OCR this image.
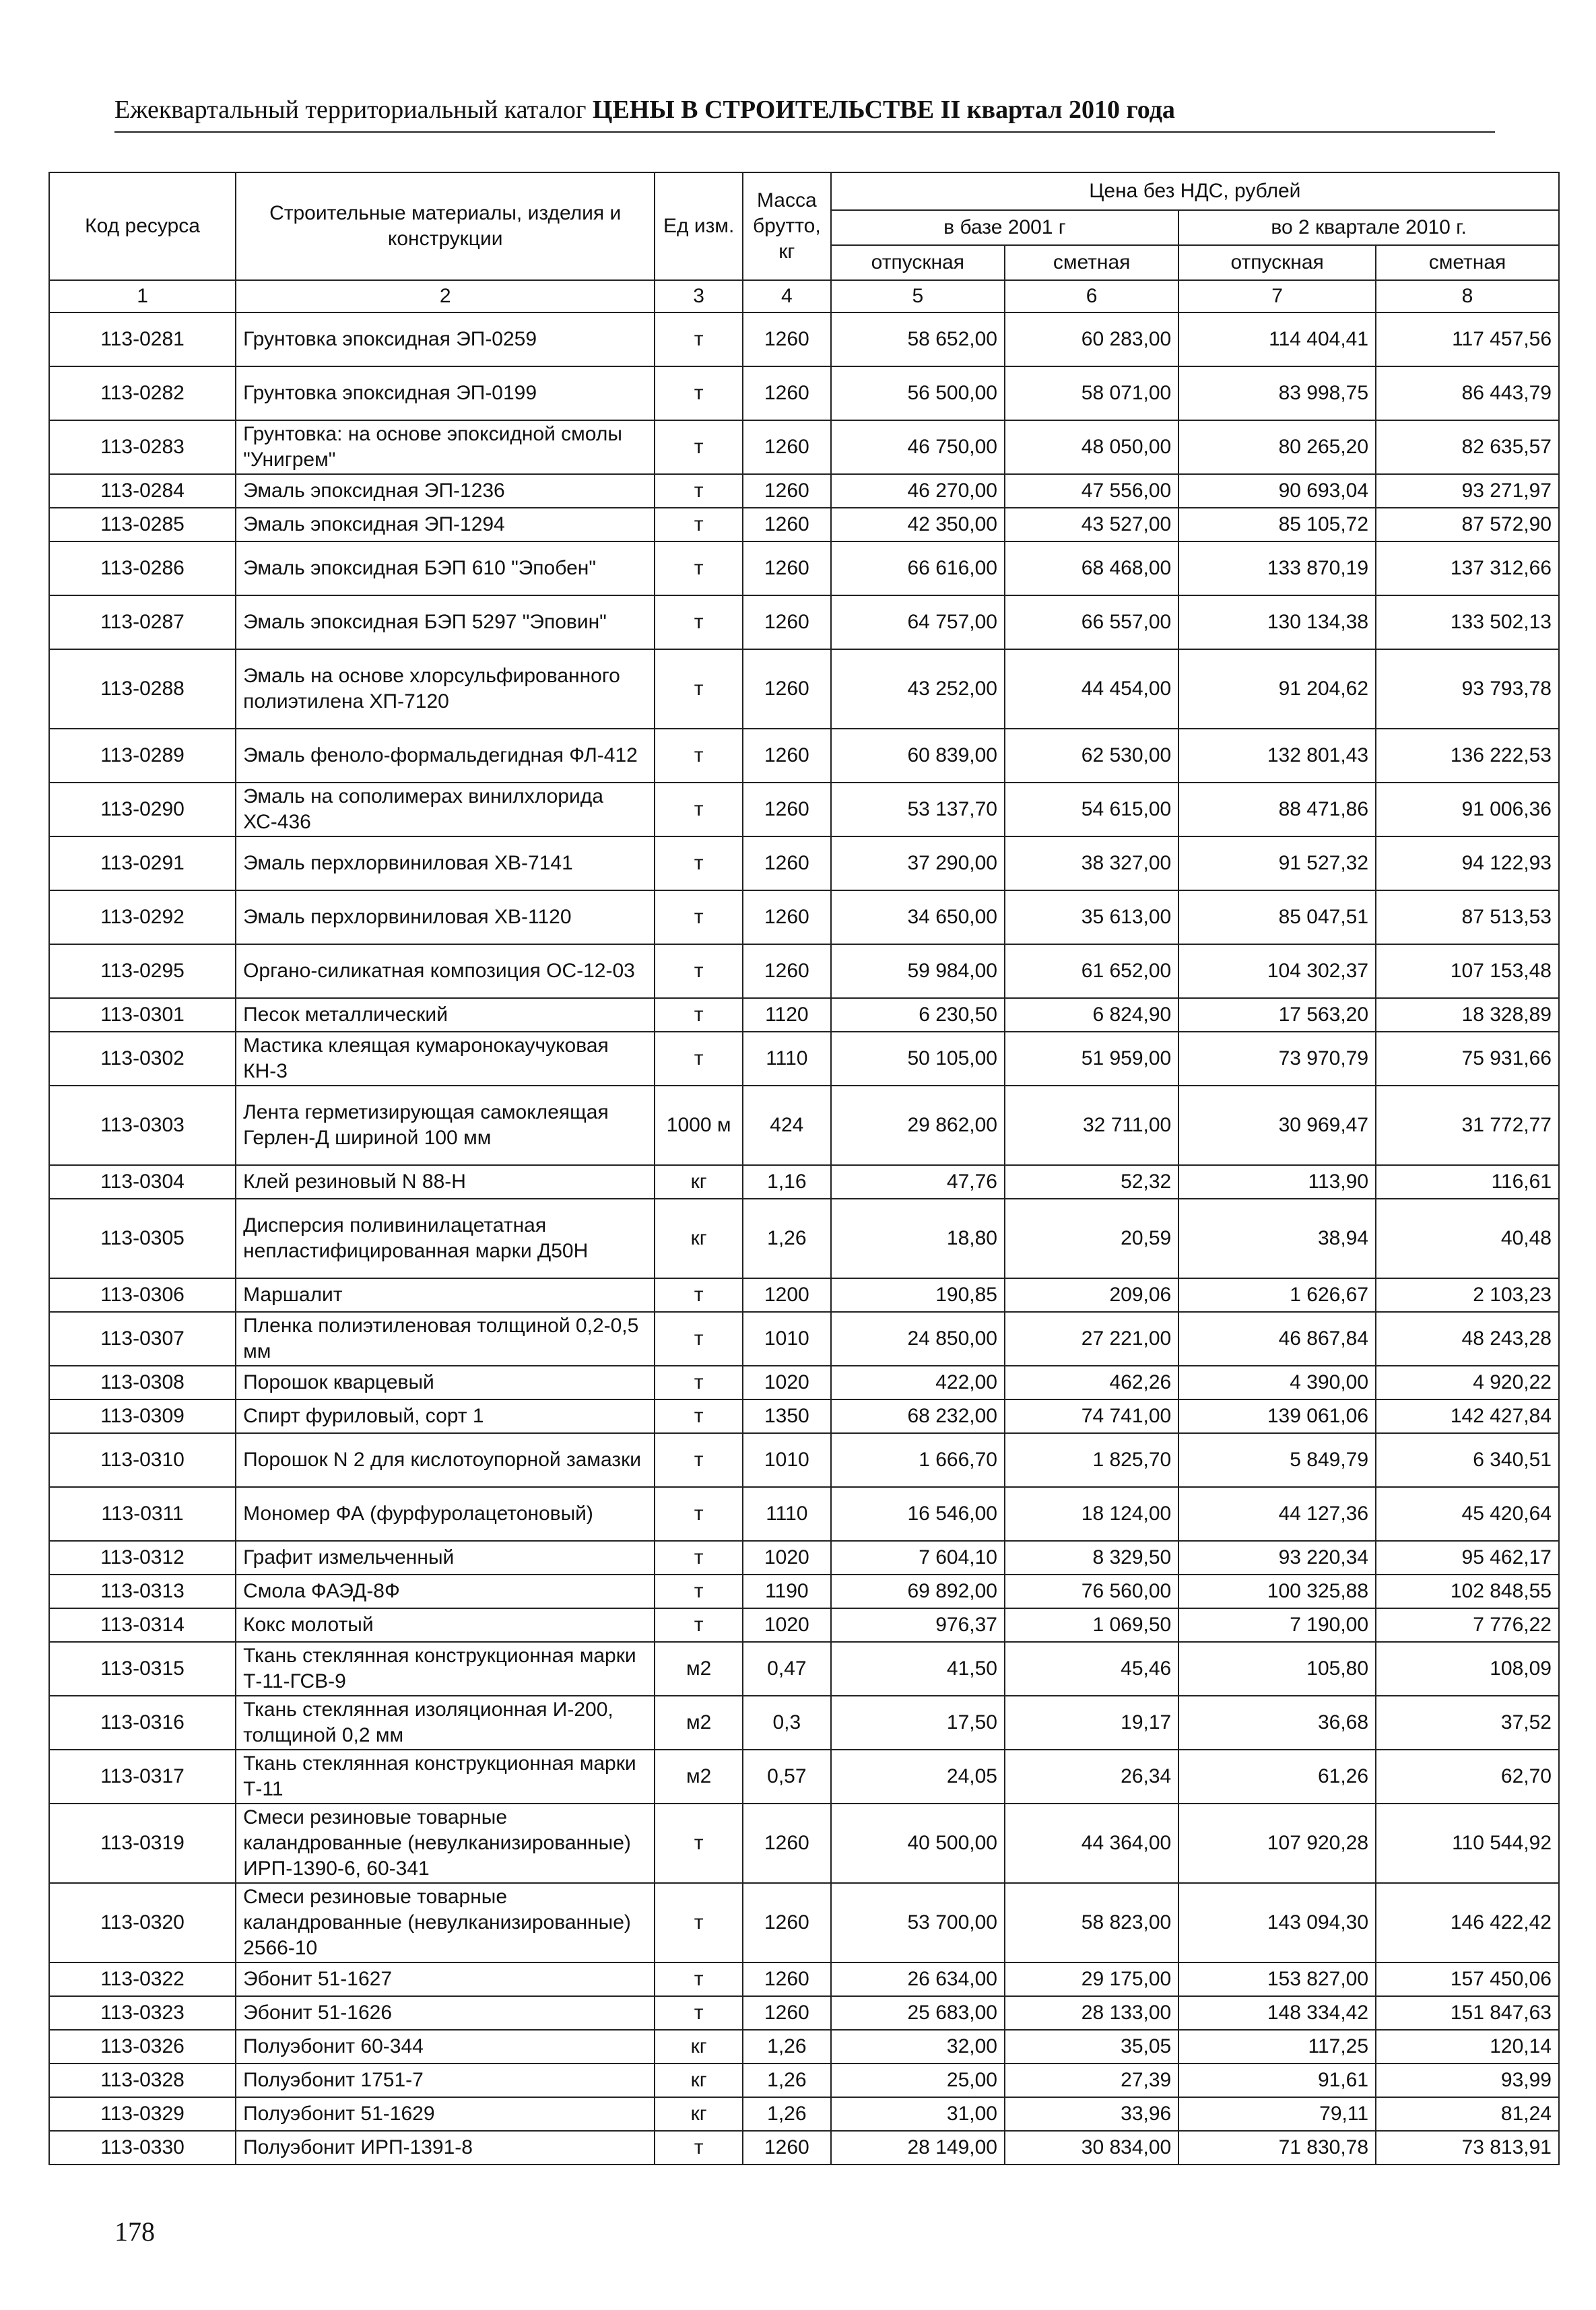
Ежеквартальный территориальный каталог ЦЕНЫ В СТРОИТЕЛЬСТВЕ II квартал 2010 года
Код ресурса	Строительные материалы, изделия и конструкции	Ед изм.	Масса брутто, кг	Цена без НДС, рублей			
				в базе 2001 г		во 2 квартале 2010 г.	
				отпускная	сметная	отпускная	сметная
1	2	3	4	5	6	7	8
113-0281	Грунтовка эпоксидная ЭП-0259	т	1260	58 652,00	60 283,00	114 404,41	117 457,56
113-0282	Грунтовка эпоксидная ЭП-0199	т	1260	56 500,00	58 071,00	83 998,75	86 443,79
113-0283	Грунтовка: на основе эпоксидной смолы "Унигрем"	т	1260	46 750,00	48 050,00	80 265,20	82 635,57
113-0284	Эмаль эпоксидная ЭП-1236	т	1260	46 270,00	47 556,00	90 693,04	93 271,97
113-0285	Эмаль эпоксидная ЭП-1294	т	1260	42 350,00	43 527,00	85 105,72	87 572,90
113-0286	Эмаль эпоксидная БЭП 610 "Эпобен"	т	1260	66 616,00	68 468,00	133 870,19	137 312,66
113-0287	Эмаль эпоксидная БЭП 5297 "Эповин"	т	1260	64 757,00	66 557,00	130 134,38	133 502,13
113-0288	Эмаль на основе хлорсульфированного полиэтилена ХП-7120	т	1260	43 252,00	44 454,00	91 204,62	93 793,78
113-0289	Эмаль феноло-формальдегидная ФЛ-412	т	1260	60 839,00	62 530,00	132 801,43	136 222,53
113-0290	Эмаль на сополимерах винилхлорида ХС-436	т	1260	53 137,70	54 615,00	88 471,86	91 006,36
113-0291	Эмаль перхлорвиниловая ХВ-7141	т	1260	37 290,00	38 327,00	91 527,32	94 122,93
113-0292	Эмаль перхлорвиниловая ХВ-1120	т	1260	34 650,00	35 613,00	85 047,51	87 513,53
113-0295	Органо-силикатная композиция ОС-12-03	т	1260	59 984,00	61 652,00	104 302,37	107 153,48
113-0301	Песок металлический	т	1120	6 230,50	6 824,90	17 563,20	18 328,89
113-0302	Мастика клеящая кумаронокаучуковая КН-3	т	1110	50 105,00	51 959,00	73 970,79	75 931,66
113-0303	Лента герметизирующая самоклеящая Герлен-Д шириной 100 мм	1000 м	424	29 862,00	32 711,00	30 969,47	31 772,77
113-0304	Клей резиновый N 88-Н	кг	1,16	47,76	52,32	113,90	116,61
113-0305	Дисперсия поливинилацетатная непластифицированная марки Д50Н	кг	1,26	18,80	20,59	38,94	40,48
113-0306	Маршалит	т	1200	190,85	209,06	1 626,67	2 103,23
113-0307	Пленка полиэтиленовая толщиной 0,2-0,5 мм	т	1010	24 850,00	27 221,00	46 867,84	48 243,28
113-0308	Порошок кварцевый	т	1020	422,00	462,26	4 390,00	4 920,22
113-0309	Спирт фуриловый, сорт 1	т	1350	68 232,00	74 741,00	139 061,06	142 427,84
113-0310	Порошок N 2 для кислотоупорной замазки	т	1010	1 666,70	1 825,70	5 849,79	6 340,51
113-0311	Мономер ФА (фурфуролацетоновый)	т	1110	16 546,00	18 124,00	44 127,36	45 420,64
113-0312	Графит измельченный	т	1020	7 604,10	8 329,50	93 220,34	95 462,17
113-0313	Смола ФАЭД-8Ф	т	1190	69 892,00	76 560,00	100 325,88	102 848,55
113-0314	Кокс молотый	т	1020	976,37	1 069,50	7 190,00	7 776,22
113-0315	Ткань стеклянная конструкционная марки Т-11-ГСВ-9	м2	0,47	41,50	45,46	105,80	108,09
113-0316	Ткань стеклянная изоляционная И-200, толщиной 0,2 мм	м2	0,3	17,50	19,17	36,68	37,52
113-0317	Ткань стеклянная конструкционная марки Т-11	м2	0,57	24,05	26,34	61,26	62,70
113-0319	Смеси резиновые товарные каландрованные (невулканизированные) ИРП-1390-6, 60-341	т	1260	40 500,00	44 364,00	107 920,28	110 544,92
113-0320	Смеси резиновые товарные каландрованные (невулканизированные) 2566-10	т	1260	53 700,00	58 823,00	143 094,30	146 422,42
113-0322	Эбонит 51-1627	т	1260	26 634,00	29 175,00	153 827,00	157 450,06
113-0323	Эбонит 51-1626	т	1260	25 683,00	28 133,00	148 334,42	151 847,63
113-0326	Полуэбонит 60-344	кг	1,26	32,00	35,05	117,25	120,14
113-0328	Полуэбонит 1751-7	кг	1,26	25,00	27,39	91,61	93,99
113-0329	Полуэбонит 51-1629	кг	1,26	31,00	33,96	79,11	81,24
113-0330	Полуэбонит ИРП-1391-8	т	1260	28 149,00	30 834,00	71 830,78	73 813,91
178
